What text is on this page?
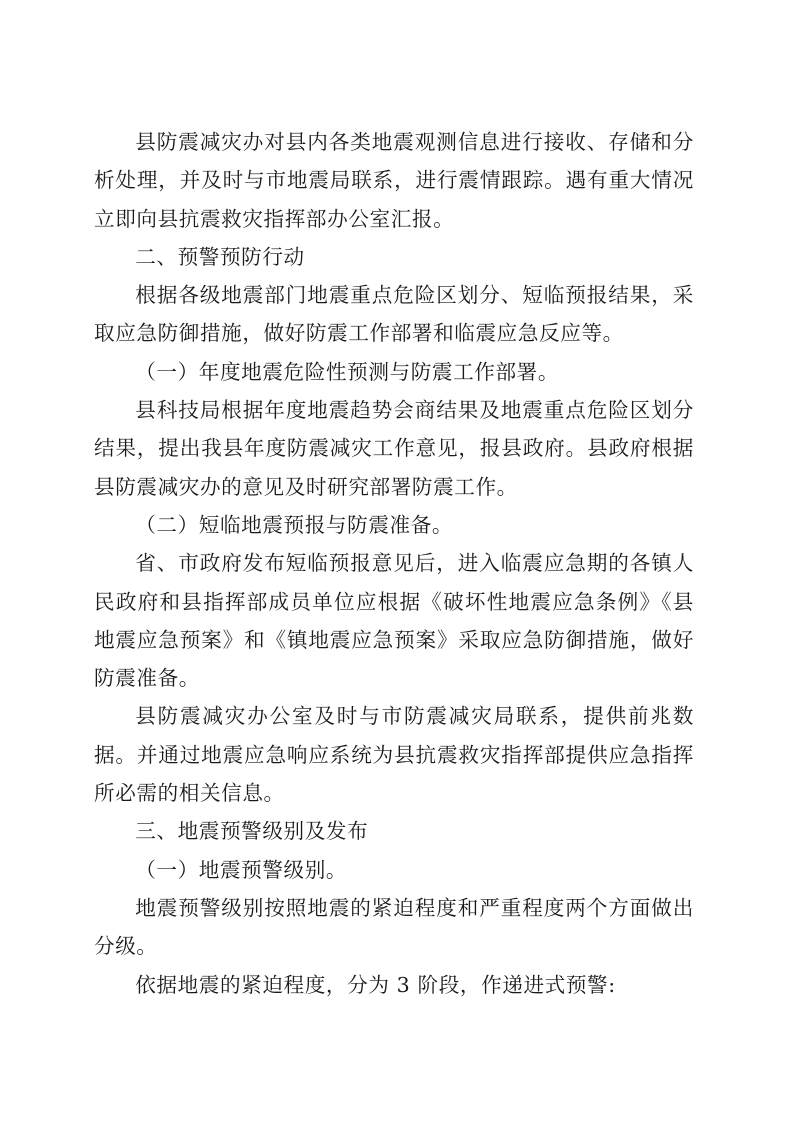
县防震减灾办对县内各类地震观测信息进行接收、存储和分析处理，并及时与市地震局联系，进行震情跟踪。遇有重大情况立即向县抗震救灾指挥部办公室汇报。

二、预警预防行动

根据各级地震部门地震重点危险区划分、短临预报结果，采取应急防御措施，做好防震工作部署和临震应急反应等。

（一）年度地震危险性预测与防震工作部署。

县科技局根据年度地震趋势会商结果及地震重点危险区划分结果，提出我县年度防震减灾工作意见，报县政府。县政府根据县防震减灾办的意见及时研究部署防震工作。

（二）短临地震预报与防震准备。

省、市政府发布短临预报意见后，进入临震应急期的各镇人民政府和县指挥部成员单位应根据《破坏性地震应急条例》《县地震应急预案》和《镇地震应急预案》采取应急防御措施，做好防震准备。

县防震减灾办公室及时与市防震减灾局联系，提供前兆数据。并通过地震应急响应系统为县抗震救灾指挥部提供应急指挥所必需的相关信息。

三、地震预警级别及发布

（一）地震预警级别。

地震预警级别按照地震的紧迫程度和严重程度两个方面做出分级。

依据地震的紧迫程度，分为 3 阶段，作递进式预警:
